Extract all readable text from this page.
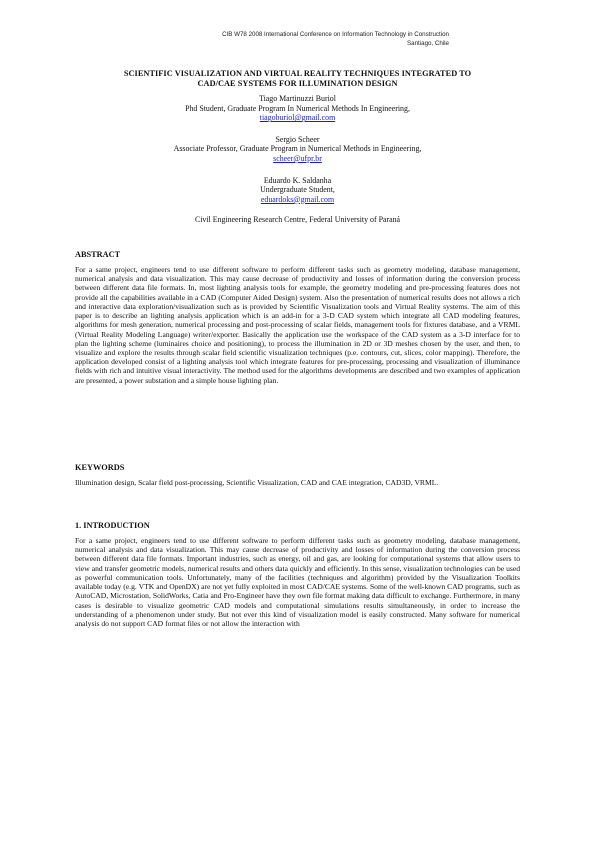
CIB W78 2008 International Conference on Information Technology in Construction
Santiago, Chile
SCIENTIFIC VISUALIZATION AND VIRTUAL REALITY TECHNIQUES INTEGRATED TO
CAD/CAE SYSTEMS FOR ILLUMINATION DESIGN
Tiago Martinuzzi Buriol
Phd Student, Graduate Program In Numerical Methods In Engineering,
tiagoburiol@gmail.com
Sergio Scheer
Associate Professor, Graduate Program in Numerical Methods in Engineering,
scheer@ufpr.br
Eduardo K. Saldanha
Undergraduate Student,
eduardoks@gmail.com
Civil Engineering Research Centre, Federal University of Paraná
ABSTRACT

For a same project, engineers tend to use different software to perform different tasks such as geometry modeling, database management, numerical analysis and data visualization. This may cause decrease of productivity and losses of information during the conversion process between different data file formats. In, most lighting analysis tools for example, the geometry modeling and pre-processing features does not provide all the capabilities available in a CAD (Computer Aided Design) system. Also the presentation of numerical results does not allows a rich and interactive data exploration/visualization such as is provided by Scientific Visualization tools and Virtual Reality systems. The aim of this paper is to describe an lighting analysis application which is an add-in for a 3-D CAD system which integrate all CAD modeling features, algorithms for mesh generation, numerical processing and post-processing of scalar fields, management tools for fixtures database, and a VRML (Virtual Reality Modeling Language) writer/exporter. Basically the application use the workspace of the CAD system as a 3-D interface for to plan the lighting scheme (luminaires choice and positioning), to process the illumination in 2D or 3D meshes chosen by the user, and then, to visualize and explore the results through scalar field scientific visualization techniques (p.e. contours, cut, slices, color mapping). Therefore, the application developed consist of a lighting analysis tool which integrate features for pre-processing, processing and visualization of illuminance fields with rich and intuitive visual interactivity. The method used for the algorithms developments are described and two examples of application are presented, a power substation and a simple house lighting plan.

KEYWORDS

Illumination design, Scalar field post-processing, Scientific Visualization, CAD and CAE integration, CAD3D, VRML.

1. INTRODUCTION

For a same project, engineers tend to use different software to perform different tasks such as geometry modeling, database management, numerical analysis and data visualization. This may cause decrease of productivity and losses of information during the conversion process between different data file formats. Important industries, such as energy, oil and gas, are looking for computational systems that allow users to view and transfer geometric models, numerical results and others data quickly and efficiently. In this sense, visualization technologies can be used as powerful communication tools. Unfortunately, many of the facilities (techniques and algorithm) provided by the Visualization Toolkits available today (e.g. VTK and OpenDX) are not yet fully exploited in most CAD/CAE systems. Some of the well-known CAD programs, such as AutoCAD, Microstation, SolidWorks, Catia and Pro-Engineer have they own file format making data difficult to exchange. Furthermore, in many cases is desirable to visualize geometric CAD models and computational simulations results simultaneously, in order to increase the understanding of a phenomenon under study. But not ever this kind of visualization model is easily constructed. Many software for numerical analysis do not support CAD format files or not allow the interaction with
